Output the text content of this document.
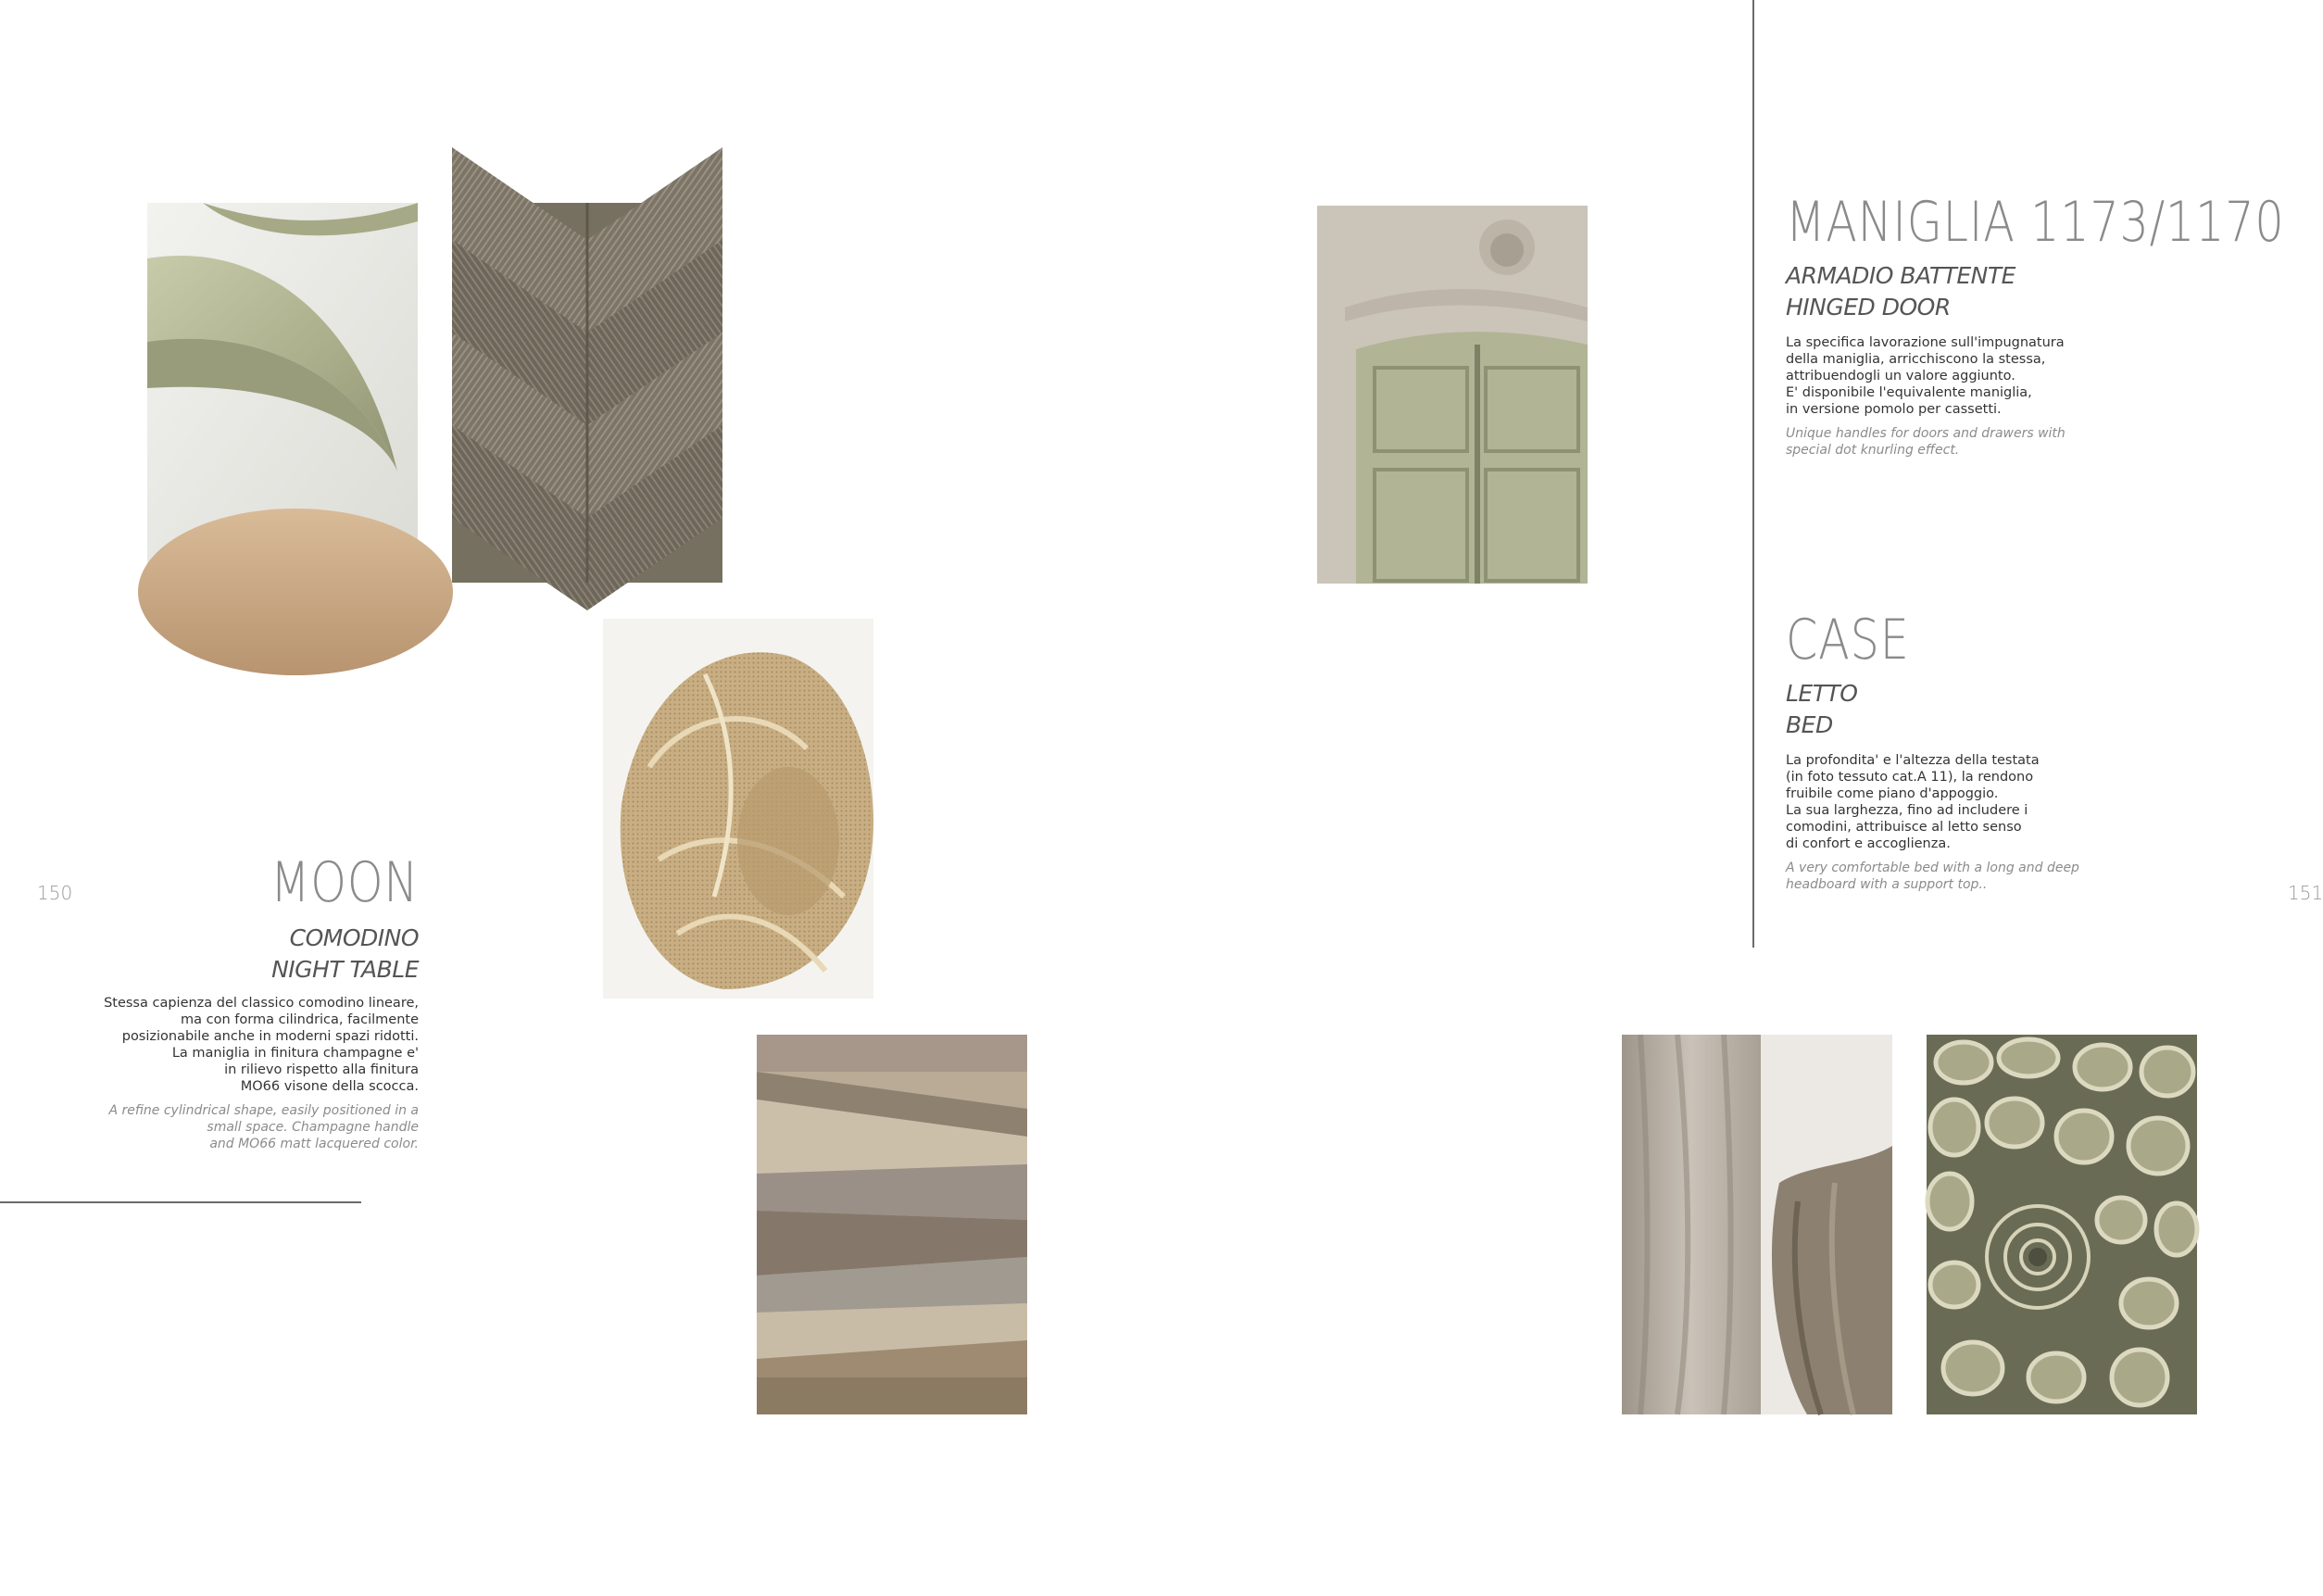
150	151
MOON
COMODINO
NIGHT TABLE
Stessa capienza del classico comodino lineare,
ma con forma cilindrica, facilmente
posizionabile anche in moderni spazi ridotti.
La maniglia in finitura champagne e'
in rilievo rispetto alla finitura
MO66 visone della scocca.
A refine cylindrical shape, easily positioned in a
small space. Champagne handle
and MO66 matt lacquered color.
MANIGLIA 1173/1170
ARMADIO BATTENTE
HINGED DOOR
La specifica lavorazione sull'impugnatura
della maniglia, arricchiscono la stessa,
attribuendogli un valore aggiunto.
E' disponibile l'equivalente maniglia,
in versione pomolo per cassetti.
Unique handles for doors and drawers with
special dot knurling effect.
CASE
LETTO
BED
La profondita' e l'altezza della testata
(in foto tessuto cat.A 11), la rendono
fruibile come piano d'appoggio.
La sua larghezza, fino ad includere i
comodini, attribuisce al letto senso
di confort e accoglienza.
A very comfortable bed with a long and deep
headboard with a support top..
